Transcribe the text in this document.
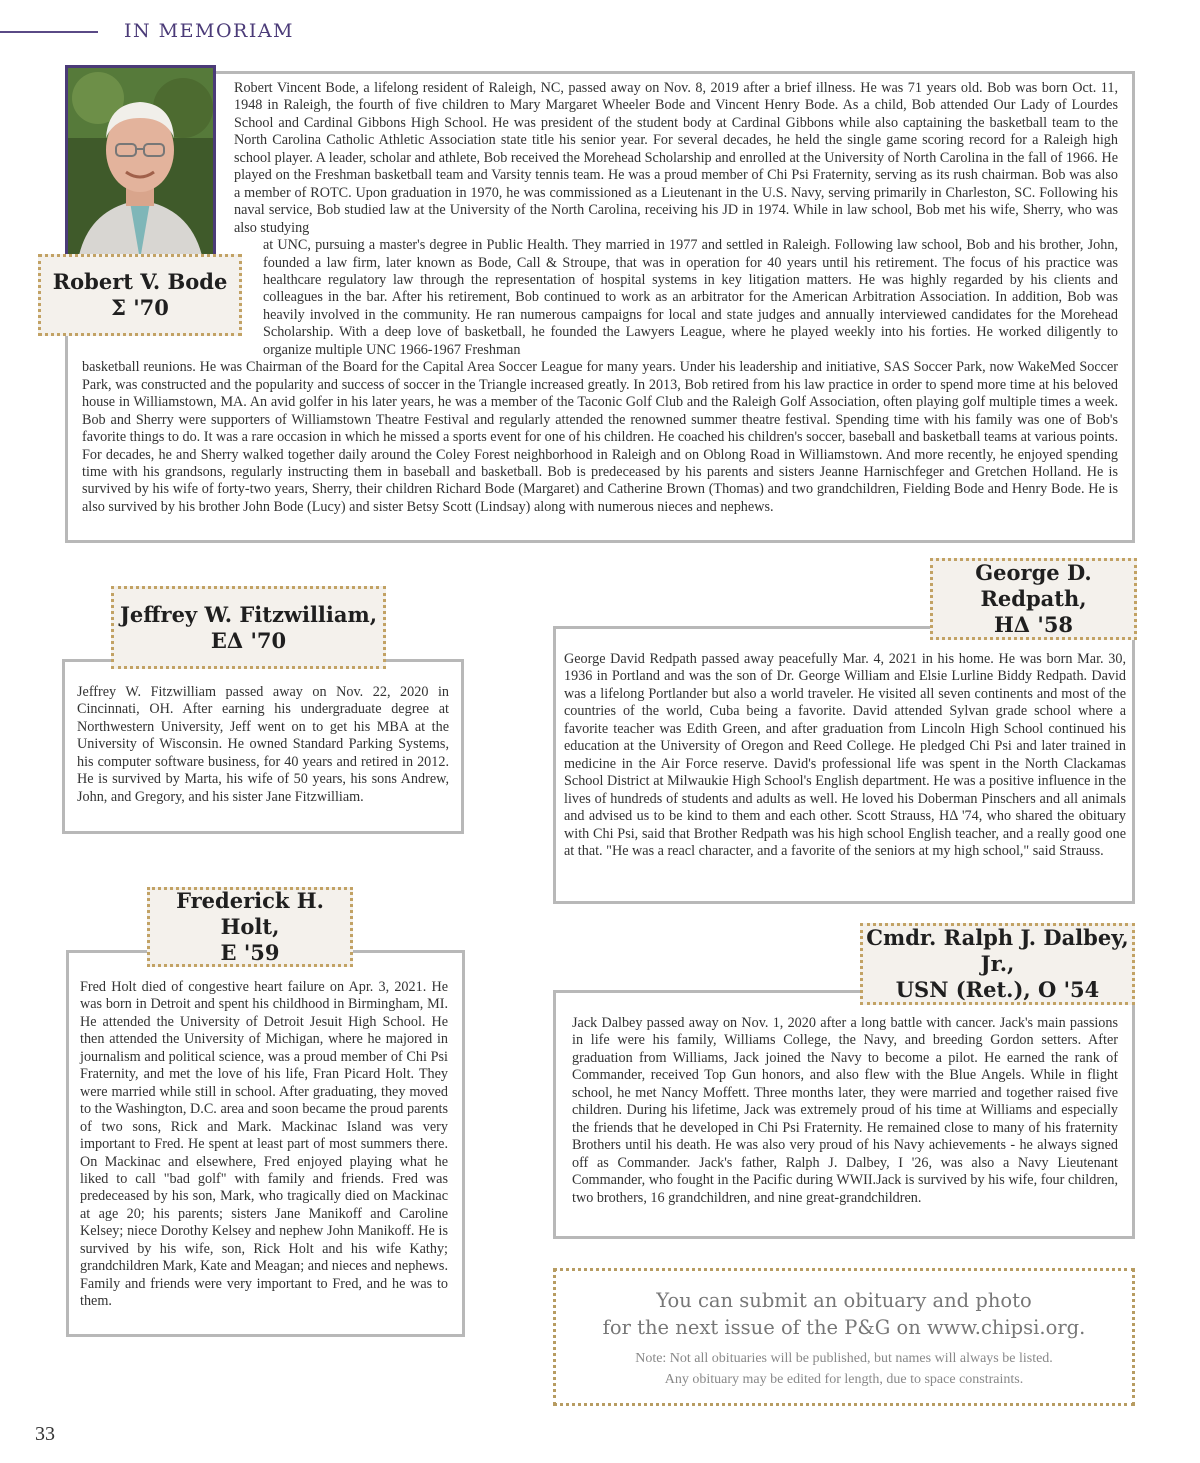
IN MEMORIAM

Robert Vincent Bode, a lifelong resident of Raleigh, NC, passed away on Nov. 8, 2019 after a brief illness. He was 71 years old. Bob was born Oct. 11, 1948 in Raleigh, the fourth of five children to Mary Margaret Wheeler Bode and Vincent Henry Bode. As a child, Bob attended Our Lady of Lourdes School and Cardinal Gibbons High School. He was president of the student body at Cardinal Gibbons while also captaining the basketball team to the North Carolina Catholic Athletic Association state title his senior year. For several decades, he held the single game scoring record for a Raleigh high school player. A leader, scholar and athlete, Bob received the Morehead Scholarship and enrolled at the University of North Carolina in the fall of 1966. He played on the Freshman basketball team and Varsity tennis team. He was a proud member of Chi Psi Fraternity, serving as its rush chairman. Bob was also a member of ROTC. Upon graduation in 1970, he was commissioned as a Lieutenant in the U.S. Navy, serving primarily in Charleston, SC. Following his naval service, Bob studied law at the University of the North Carolina, receiving his JD in 1974. While in law school, Bob met his wife, Sherry, who was also studying

at UNC, pursuing a master's degree in Public Health. They married in 1977 and settled in Raleigh. Following law school, Bob and his brother, John, founded a law firm, later known as Bode, Call & Stroupe, that was in operation for 40 years until his retirement. The focus of his practice was healthcare regulatory law through the representation of hospital systems in key litigation matters. He was highly regarded by his clients and colleagues in the bar. After his retirement, Bob continued to work as an arbitrator for the American Arbitration Association. In addition, Bob was heavily involved in the community. He ran numerous campaigns for local and state judges and annually interviewed candidates for the Morehead Scholarship. With a deep love of basketball, he founded the Lawyers League, where he played weekly into his forties. He worked diligently to organize multiple UNC 1966-1967 Freshman

basketball reunions. He was Chairman of the Board for the Capital Area Soccer League for many years. Under his leadership and initiative, SAS Soccer Park, now WakeMed Soccer Park, was constructed and the popularity and success of soccer in the Triangle increased greatly. In 2013, Bob retired from his law practice in order to spend more time at his beloved house in Williamstown, MA. An avid golfer in his later years, he was a member of the Taconic Golf Club and the Raleigh Golf Association, often playing golf multiple times a week. Bob and Sherry were supporters of Williamstown Theatre Festival and regularly attended the renowned summer theatre festival. Spending time with his family was one of Bob's favorite things to do. It was a rare occasion in which he missed a sports event for one of his children. He coached his children's soccer, baseball and basketball teams at various points. For decades, he and Sherry walked together daily around the Coley Forest neighborhood in Raleigh and on Oblong Road in Williamstown. And more recently, he enjoyed spending time with his grandsons, regularly instructing them in baseball and basketball. Bob is predeceased by his parents and sisters Jeanne Harnischfeger and Gretchen Holland. He is survived by his wife of forty-two years, Sherry, their children Richard Bode (Margaret) and Catherine Brown (Thomas) and two grandchildren, Fielding Bode and Henry Bode. He is also survived by his brother John Bode (Lucy) and sister Betsy Scott (Lindsay) along with numerous nieces and nephews.

Robert V. Bode
Σ '70

Jeffrey W. Fitzwilliam passed away on Nov. 22, 2020 in Cincinnati, OH. After earning his undergraduate degree at Northwestern University, Jeff went on to get his MBA at the University of Wisconsin. He owned Standard Parking Systems, his computer software business, for 40 years and retired in 2012. He is survived by Marta, his wife of 50 years, his sons Andrew, John, and Gregory, and his sister Jane Fitzwilliam.

Jeffrey W. Fitzwilliam,
EΔ '70

George David Redpath passed away peacefully Mar. 4, 2021 in his home. He was born Mar. 30, 1936 in Portland and was the son of Dr. George William and Elsie Lurline Biddy Redpath. David was a lifelong Portlander but also a world traveler. He visited all seven continents and most of the countries of the world, Cuba being a favorite. David attended Sylvan grade school where a favorite teacher was Edith Green, and after graduation from Lincoln High School continued his education at the University of Oregon and Reed College. He pledged Chi Psi and later trained in medicine in the Air Force reserve. David's professional life was spent in the North Clackamas School District at Milwaukie High School's English department. He was a positive influence in the lives of hundreds of students and adults as well. He loved his Doberman Pinschers and all animals and advised us to be kind to them and each other. Scott Strauss, HΔ '74, who shared the obituary with Chi Psi, said that Brother Redpath was his high school English teacher, and a really good one at that. "He was a reacl character, and a favorite of the seniors at my high school," said Strauss.

George D. Redpath,
HΔ '58

Fred Holt died of congestive heart failure on Apr. 3, 2021. He was born in Detroit and spent his childhood in Birmingham, MI. He attended the University of Detroit Jesuit High School. He then attended the University of Michigan, where he majored in journalism and political science, was a proud member of Chi Psi Fraternity, and met the love of his life, Fran Picard Holt. They were married while still in school. After graduating, they moved to the Washington, D.C. area and soon became the proud parents of two sons, Rick and Mark. Mackinac Island was very important to Fred. He spent at least part of most summers there. On Mackinac and elsewhere, Fred enjoyed playing what he liked to call "bad golf" with family and friends. Fred was predeceased by his son, Mark, who tragically died on Mackinac at age 20; his parents; sisters Jane Manikoff and Caroline Kelsey; niece Dorothy Kelsey and nephew John Manikoff. He is survived by his wife, son, Rick Holt and his wife Kathy; grandchildren Mark, Kate and Meagan; and nieces and nephews. Family and friends were very important to Fred, and he was to them.

Frederick H. Holt,
E '59

Jack Dalbey passed away on Nov. 1, 2020 after a long battle with cancer. Jack's main passions in life were his family, Williams College, the Navy, and breeding Gordon setters. After graduation from Williams, Jack joined the Navy to become a pilot. He earned the rank of Commander, received Top Gun honors, and also flew with the Blue Angels. While in flight school, he met Nancy Moffett. Three months later, they were married and together raised five children. During his lifetime, Jack was extremely proud of his time at Williams and especially the friends that he developed in Chi Psi Fraternity. He remained close to many of his fraternity Brothers until his death. He was also very proud of his Navy achievements - he always signed off as Commander. Jack's father, Ralph J. Dalbey, I '26, was also a Navy Lieutenant Commander, who fought in the Pacific during WWII.Jack is survived by his wife, four children, two brothers, 16 grandchildren, and nine great-grandchildren.

Cmdr. Ralph J. Dalbey, Jr.,
USN (Ret.), O '54
You can submit an obituary and photo
for the next issue of the P&G on www.chipsi.org.
Note: Not all obituaries will be published, but names will always be listed.
Any obituary may be edited for length, due to space constraints.
33
